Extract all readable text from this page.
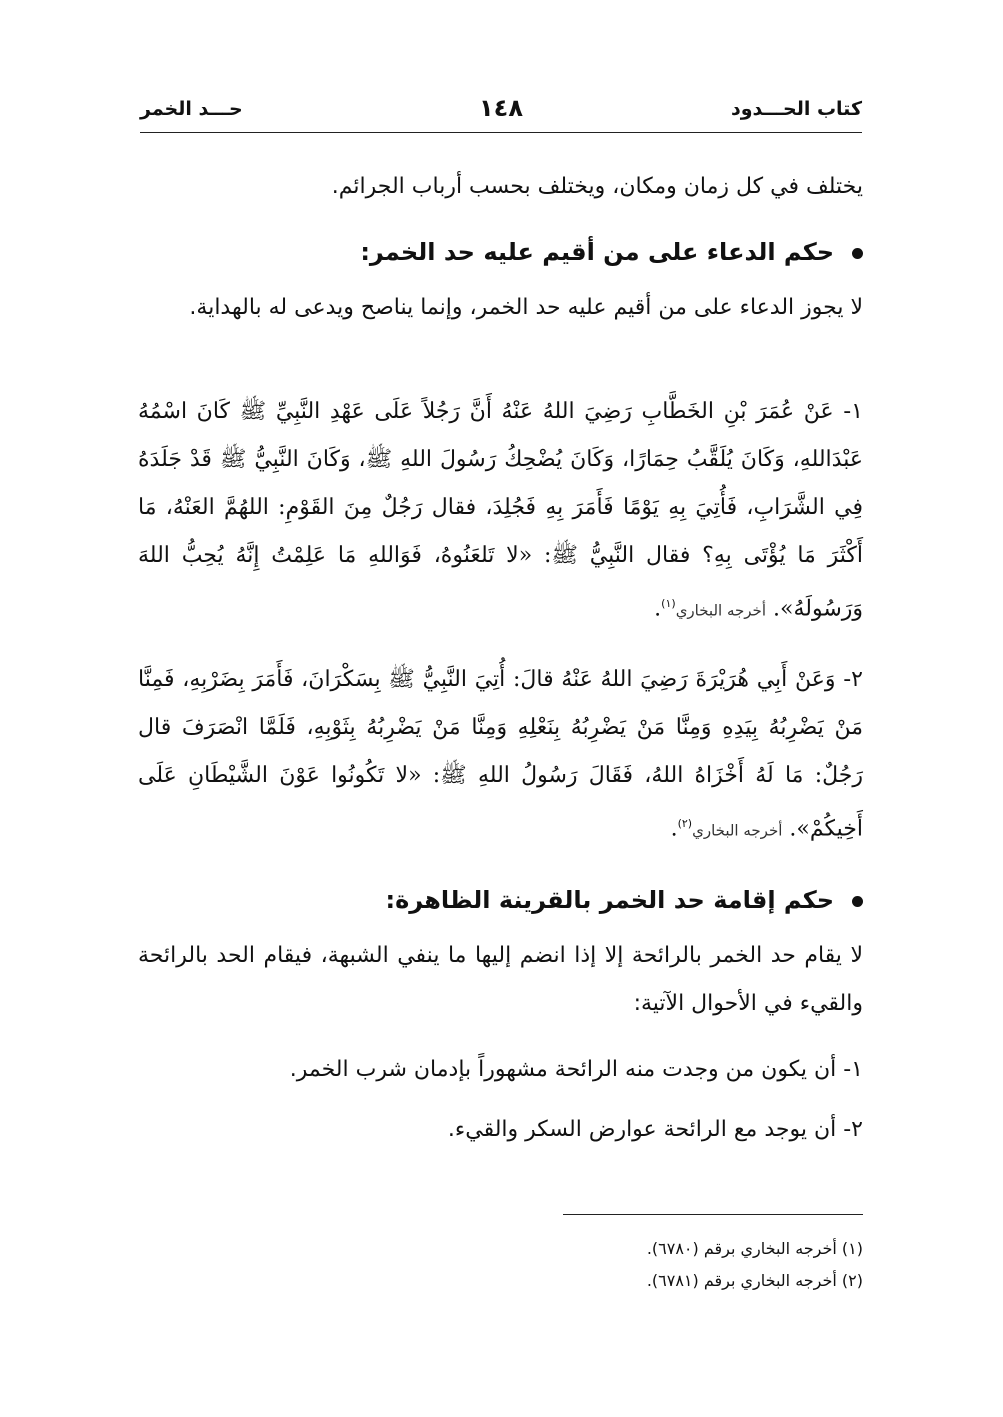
كتاب الحـــدود
١٤٨
حـــد الخمر
يختلف في كل زمان ومكان، ويختلف بحسب أرباب الجرائم.
حكم الدعاء على من أقيم عليه حد الخمر:
لا يجوز الدعاء على من أقيم عليه حد الخمر، وإنما يناصح ويدعى له بالهداية.
١- عَنْ عُمَرَ بْنِ الخَطَّابِ رَضِيَ اللهُ عَنْهُ أَنَّ رَجُلاً عَلَى عَهْدِ النَّبِيِّ ﷺ كَانَ اسْمُهُ عَبْدَاللهِ، وَكَانَ يُلَقَّبُ حِمَارًا، وَكَانَ يُضْحِكُ رَسُولَ اللهِ ﷺ، وَكَانَ النَّبِيُّ ﷺ قَدْ جَلَدَهُ فِي الشَّرَابِ، فَأُتِيَ بِهِ يَوْمًا فَأَمَرَ بِهِ فَجُلِدَ، فقال رَجُلٌ مِنَ القَوْمِ: اللهُمَّ العَنْهُ، مَا أَكْثَرَ مَا يُؤْتَى بِهِ؟ فقال النَّبِيُّ ﷺ: «لا تَلعَنُوهُ، فَوَاللهِ مَا عَلِمْتُ إِنَّهُ يُحِبُّ اللهَ وَرَسُولَهُ». أخرجه البخاري$^{(١)}$.
٢- وَعَنْ أَبِي هُرَيْرَةَ رَضِيَ اللهُ عَنْهُ قالَ: أُتِيَ النَّبِيُّ ﷺ بِسَكْرَانَ، فَأَمَرَ بِضَرْبِهِ، فَمِنَّا مَنْ يَضْرِبُهُ بِيَدِهِ وَمِنَّا مَنْ يَضْرِبُهُ بِنَعْلِهِ وَمِنَّا مَنْ يَضْرِبُهُ بِثَوْبِهِ، فَلَمَّا انْصَرَفَ قال رَجُلٌ: مَا لَهُ أَخْزَاهُ اللهُ، فَقَالَ رَسُولُ اللهِ ﷺ: «لا تَكُونُوا عَوْنَ الشَّيْطَانِ عَلَى أَخِيكُمْ». أخرجه البخاري$^{(٢)}$.
حكم إقامة حد الخمر بالقرينة الظاهرة:
لا يقام حد الخمر بالرائحة إلا إذا انضم إليها ما ينفي الشبهة، فيقام الحد بالرائحة والقيء في الأحوال الآتية:
١- أن يكون من وجدت منه الرائحة مشهوراً بإدمان شرب الخمر.
٢- أن يوجد مع الرائحة عوارض السكر والقيء.
(١) أخرجه البخاري برقم (٦٧٨٠).
(٢) أخرجه البخاري برقم (٦٧٨١).
